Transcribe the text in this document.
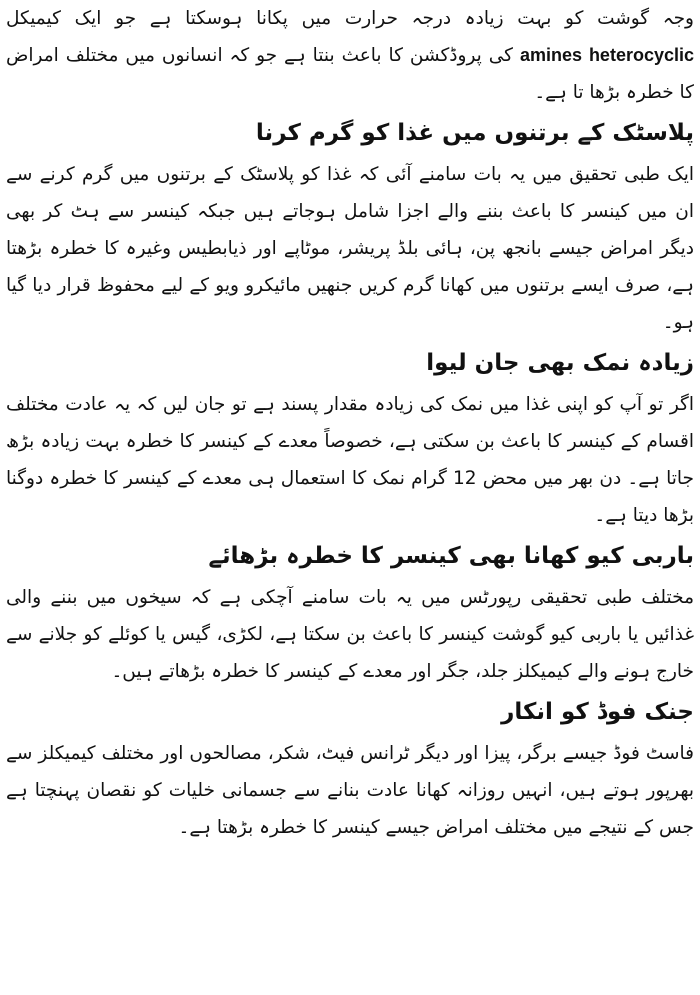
وجہ گوشت کو بہت زیادہ درجہ حرارت میں پکانا ہوسکتا ہے جو ایک کیمیکل heterocyclic amines کی پروڈکشن کا باعث بنتا ہے جو کہ انسانوں میں مختلف امراض کا خطرہ بڑھا تا ہے۔

پلاسٹک کے برتنوں میں غذا کو گرم کرنا

ایک طبی تحقیق میں یہ بات سامنے آئی کہ غذا کو پلاسٹک کے برتنوں میں گرم کرنے سے ان میں کینسر کا باعث بننے والے اجزا شامل ہوجاتے ہیں جبکہ کینسر سے ہٹ کر بھی دیگر امراض جیسے بانجھ پن، ہائی بلڈ پریشر، موٹاپے اور ذیابطیس وغیرہ کا خطرہ بڑھتا ہے، صرف ایسے برتنوں میں کھانا گرم کریں جنھیں مائیکرو ویو کے لیے محفوظ قرار دیا گیا ہو۔

زیادہ نمک بھی جان لیوا

اگر تو آپ کو اپنی غذا میں نمک کی زیادہ مقدار پسند ہے تو جان لیں کہ یہ عادت مختلف اقسام کے کینسر کا باعث بن سکتی ہے، خصوصاً معدے کے کینسر کا خطرہ بہت زیادہ بڑھ جاتا ہے۔ دن بھر میں محض 12 گرام نمک کا استعمال ہی معدے کے کینسر کا خطرہ دوگنا بڑھا دیتا ہے۔

باربی کیو کھانا بھی کینسر کا خطرہ بڑھائے

مختلف طبی تحقیقی رپورٹس میں یہ بات سامنے آچکی ہے کہ سیخوں میں بننے والی غذائیں یا باربی کیو گوشت کینسر کا باعث بن سکتا ہے، لکڑی، گیس یا کوئلے کو جلانے سے خارج ہونے والے کیمیکلز جلد، جگر اور معدے کے کینسر کا خطرہ بڑھاتے ہیں۔

جنک فوڈ کو انکار

فاسٹ فوڈ جیسے برگر، پیزا اور دیگر ٹرانس فیٹ، شکر، مصالحوں اور مختلف کیمیکلز سے بھرپور ہوتے ہیں، انہیں روزانہ کھانا عادت بنانے سے جسمانی خلیات کو نقصان پہنچتا ہے جس کے نتیجے میں مختلف امراض جیسے کینسر کا خطرہ بڑھتا ہے۔
